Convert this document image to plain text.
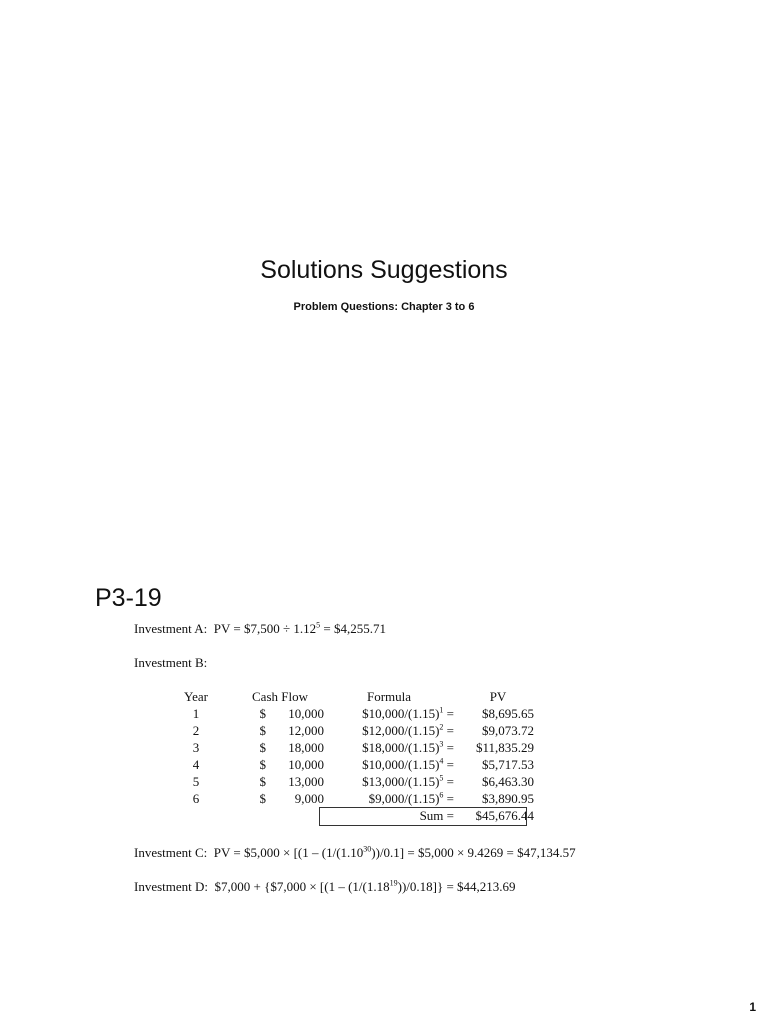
Solutions Suggestions
Problem Questions: Chapter 3 to 6
P3-19
Investment A: PV = $7,500 ÷ $1.12^5$ = $4,255.71
Investment B:
Year	Cash Flow		Formula	PV
1	$	10,000	$\$10,000/(1.15)^1$ =	$8,695.65
2	$	12,000	$\$12,000/(1.15)^2$ =	$9,073.72
3	$	18,000	$\$18,000/(1.15)^3$ =	$11,835.29
4	$	10,000	$\$10,000/(1.15)^4$ =	$5,717.53
5	$	13,000	$\$13,000/(1.15)^5$ =	$6,463.30
6	$	9,000	$\$9,000/(1.15)^6$ =	$3,890.95
			Sum =	$45,676.44
Investment C: PV = $5,000 × [$(1 - (1/(1.10^{30}))/0.1]$ = $5,000 × 9.4269 = $47,134.57
Investment D: $7,000 + {$7,000 × $[(1 - (1/(1.18^{19}))/0.18]\}$ = $44,213.69
1
